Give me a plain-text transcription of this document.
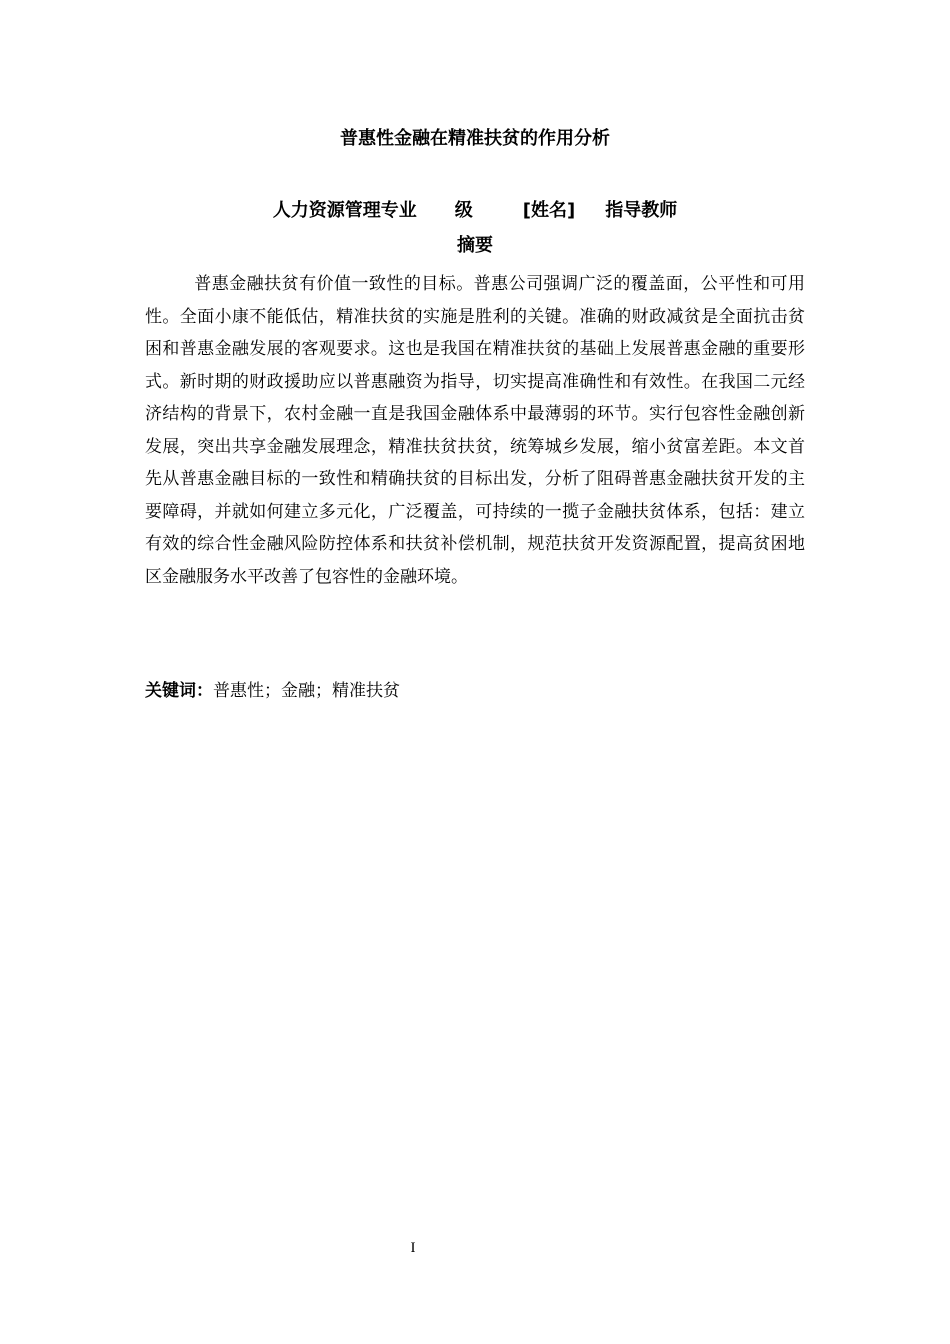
普惠性金融在精准扶贫的作用分析
人力资源管理专业 级	[姓名] 指导教师
摘要

普惠金融扶贫有价值一致性的目标。普惠公司强调广泛的覆盖面，公平性和可用性。全面小康不能低估，精准扶贫的实施是胜利的关键。准确的财政减贫是全面抗击贫困和普惠金融发展的客观要求。这也是我国在精准扶贫的基础上发展普惠金融的重要形式。新时期的财政援助应以普惠融资为指导，切实提高准确性和有效性。在我国二元经济结构的背景下，农村金融一直是我国金融体系中最薄弱的环节。实行包容性金融创新发展，突出共享金融发展理念，精准扶贫扶贫，统筹城乡发展，缩小贫富差距。本文首先从普惠金融目标的一致性和精确扶贫的目标出发，分析了阻碍普惠金融扶贫开发的主要障碍，并就如何建立多元化，广泛覆盖，可持续的一揽子金融扶贫体系，包括：建立有效的综合性金融风险防控体系和扶贫补偿机制，规范扶贫开发资源配置，提高贫困地区金融服务水平改善了包容性的金融环境。

关键词：普惠性；金融；精准扶贫

I
